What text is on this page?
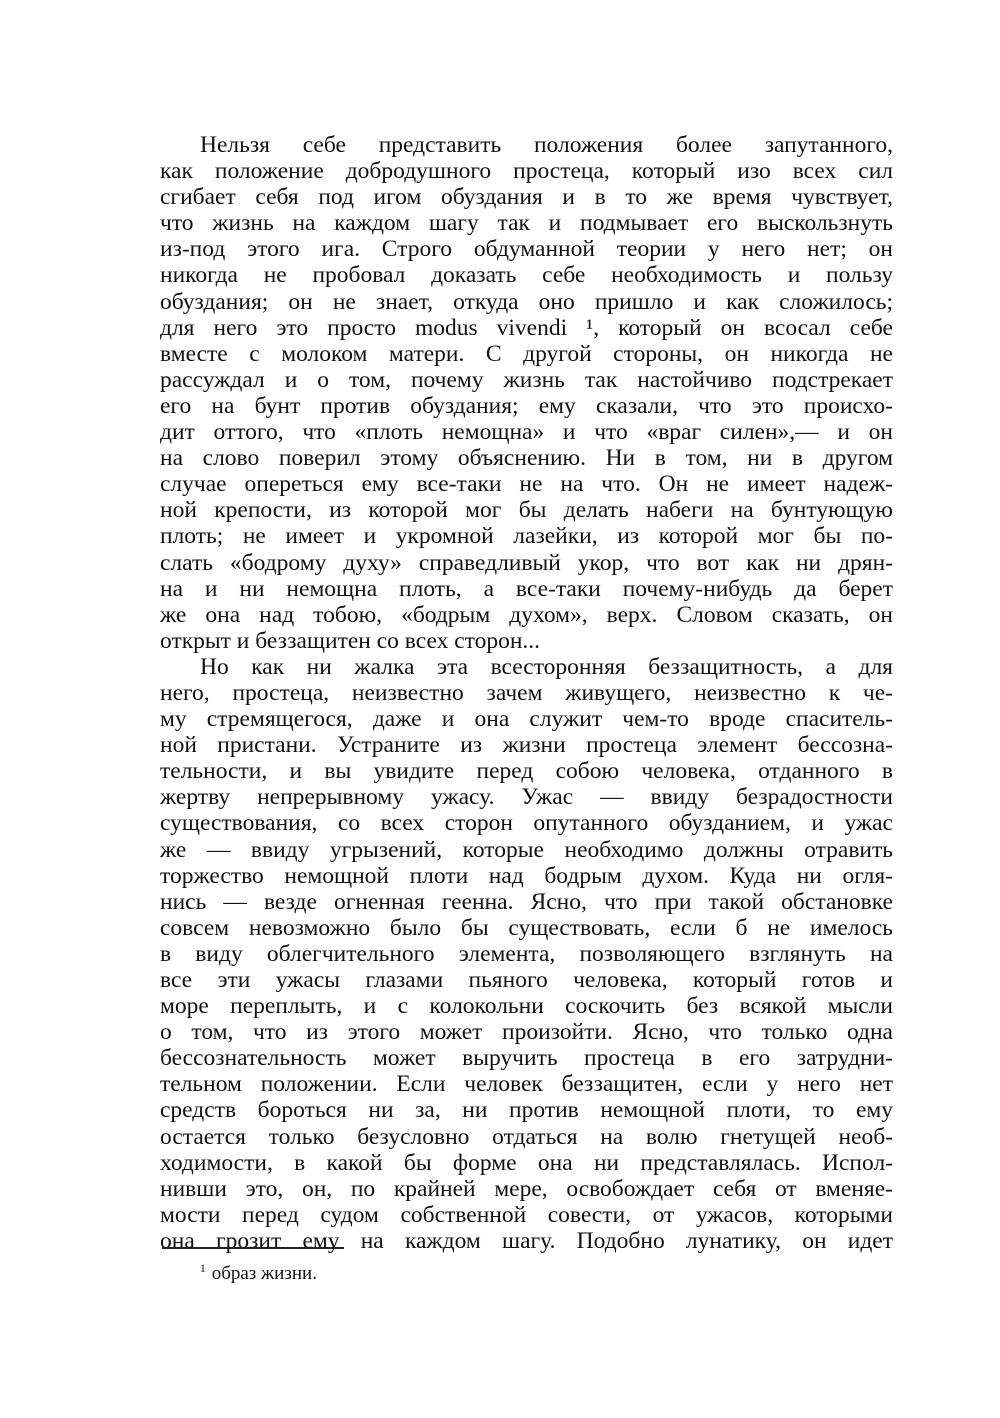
Нельзя себе представить положения более запутанного,
как положение добродушного простеца, который изо всех сил
сгибает себя под игом обуздания и в то же время чувствует,
что жизнь на каждом шагу так и подмывает его выскользнуть
из-под этого ига. Строго обдуманной теории у него нет; он
никогда не пробовал доказать себе необходимость и пользу
обуздания; он не знает, откуда оно пришло и как сложилось;
для него это просто modus vivendi ¹, который он всосал себе
вместе с молоком матери. С другой стороны, он никогда не
рассуждал и о том, почему жизнь так настойчиво подстрекает
его на бунт против обуздания; ему сказали, что это происхо-
дит оттого, что «плоть немощна» и что «враг силен»,— и он
на слово поверил этому объяснению. Ни в том, ни в другом
случае опереться ему все-таки не на что. Он не имеет надеж-
ной крепости, из которой мог бы делать набеги на бунтующую
плоть; не имеет и укромной лазейки, из которой мог бы по-
слать «бодрому духу» справедливый укор, что вот как ни дрян-
на и ни немощна плоть, а все-таки почему-нибудь да берет
же она над тобою, «бодрым духом», верх. Словом сказать, он
открыт и беззащитен со всех сторон...
Но как ни жалка эта всесторонняя беззащитность, а для
него, простеца, неизвестно зачем живущего, неизвестно к че-
му стремящегося, даже и она служит чем-то вроде спаситель-
ной пристани. Устраните из жизни простеца элемент бессозна-
тельности, и вы увидите перед собою человека, отданного в
жертву непрерывному ужасу. Ужас — ввиду безрадостности
существования, со всех сторон опутанного обузданием, и ужас
же — ввиду угрызений, которые необходимо должны отравить
торжество немощной плоти над бодрым духом. Куда ни огля-
нись — везде огненная геенна. Ясно, что при такой обстановке
совсем невозможно было бы существовать, если б не имелось
в виду облегчительного элемента, позволяющего взглянуть на
все эти ужасы глазами пьяного человека, который готов и
море переплыть, и с колокольни соскочить без всякой мысли
о том, что из этого может произойти. Ясно, что только одна
бессознательность может выручить простеца в его затрудни-
тельном положении. Если человек беззащитен, если у него нет
средств бороться ни за, ни против немощной плоти, то ему
остается только безусловно отдаться на волю гнетущей необ-
ходимости, в какой бы форме она ни представлялась. Испол-
нивши это, он, по крайней мере, освобождает себя от вменяе-
мости перед судом собственной совести, от ужасов, которыми
она грозит ему на каждом шагу. Подобно лунатику, он идет
$^1$ образ жизни.
